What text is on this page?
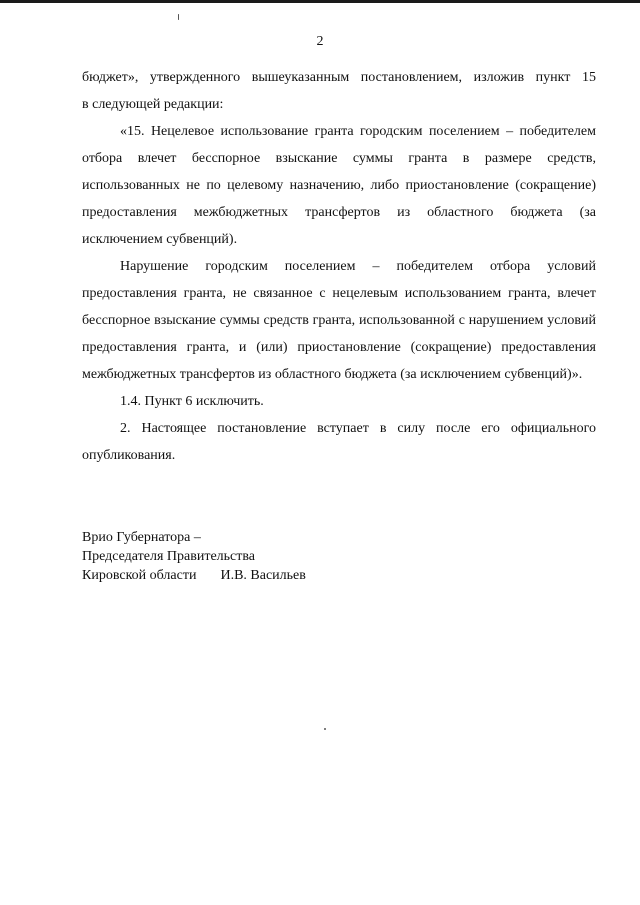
2

бюджет», утвержденного вышеуказанным постановлением, изложив пункт 15

в следующей редакции:

«15. Нецелевое использование гранта городским поселением – победителем отбора влечет бесспорное взыскание суммы гранта в размере средств, использованных не по целевому назначению, либо приостановление (сокращение) предоставления межбюджетных трансфертов из областного бюджета (за исключением субвенций).

Нарушение городским поселением – победителем отбора условий предоставления гранта, не связанное с нецелевым использованием гранта, влечет бесспорное взыскание суммы средств гранта, использованной с нарушением условий предоставления гранта, и (или) приостановление (сокращение) предоставления межбюджетных трансфертов из областного бюджета (за исключением субвенций)».

1.4. Пункт 6 исключить.

2. Настоящее постановление вступает в силу после его официального опубликования.

Врио Губернатора –
Председателя Правительства
Кировской области И.В. Васильев
